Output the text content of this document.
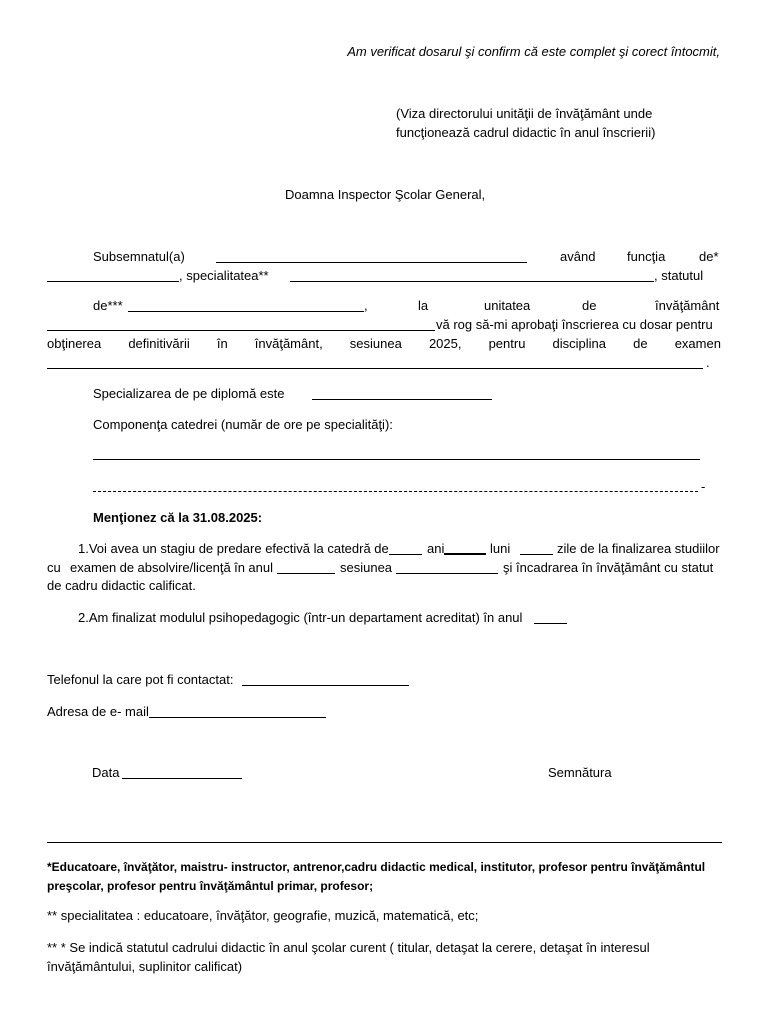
Am verificat dosarul şi confirm că este complet şi corect întocmit,
(Viza directorului unităţii de învăţământ unde
funcţionează cadrul didactic în anul înscrierii)
Doamna Inspector Şcolar General,
Subsemnatul(a)	având funcţia	de*
, specialitatea**	, statutul
de***	,	la	unitatea	de	învăţământ
vă rog să-mi aprobaţi înscrierea cu dosar pentru
obţinerea definitivării în învăţământ, sesiunea 2025, pentru disciplina de examen
.
Specializarea de pe diplomă este
Componenţa catedrei (număr de ore pe specialităţi):
-
Menţionez că la 31.08.2025:
1.Voi avea un stagiu de predare efectivă la catedră de	ani	luni	zile de la finalizarea studiilor
cu examen de absolvire/licenţă în anul	sesiunea	şi încadrarea în învăţământ cu statut
de cadru didactic calificat.
2.Am finalizat modulul psihopedagogic (într-un departament acreditat) în anul
Telefonul la care pot fi contactat:
Adresa de e- mail
Data	Semnătura
*Educatoare, învăţător, maistru- instructor, antrenor,cadru didactic medical, institutor, profesor pentru învăţământul
preşcolar, profesor pentru învăţământul primar, profesor;
** specialitatea : educatoare, învăţător, geografie, muzică, matematică, etc;
** * Se indică statutul cadrului didactic în anul şcolar curent ( titular, detaşat la cerere, detaşat în interesul
învăţământului, suplinitor calificat)
